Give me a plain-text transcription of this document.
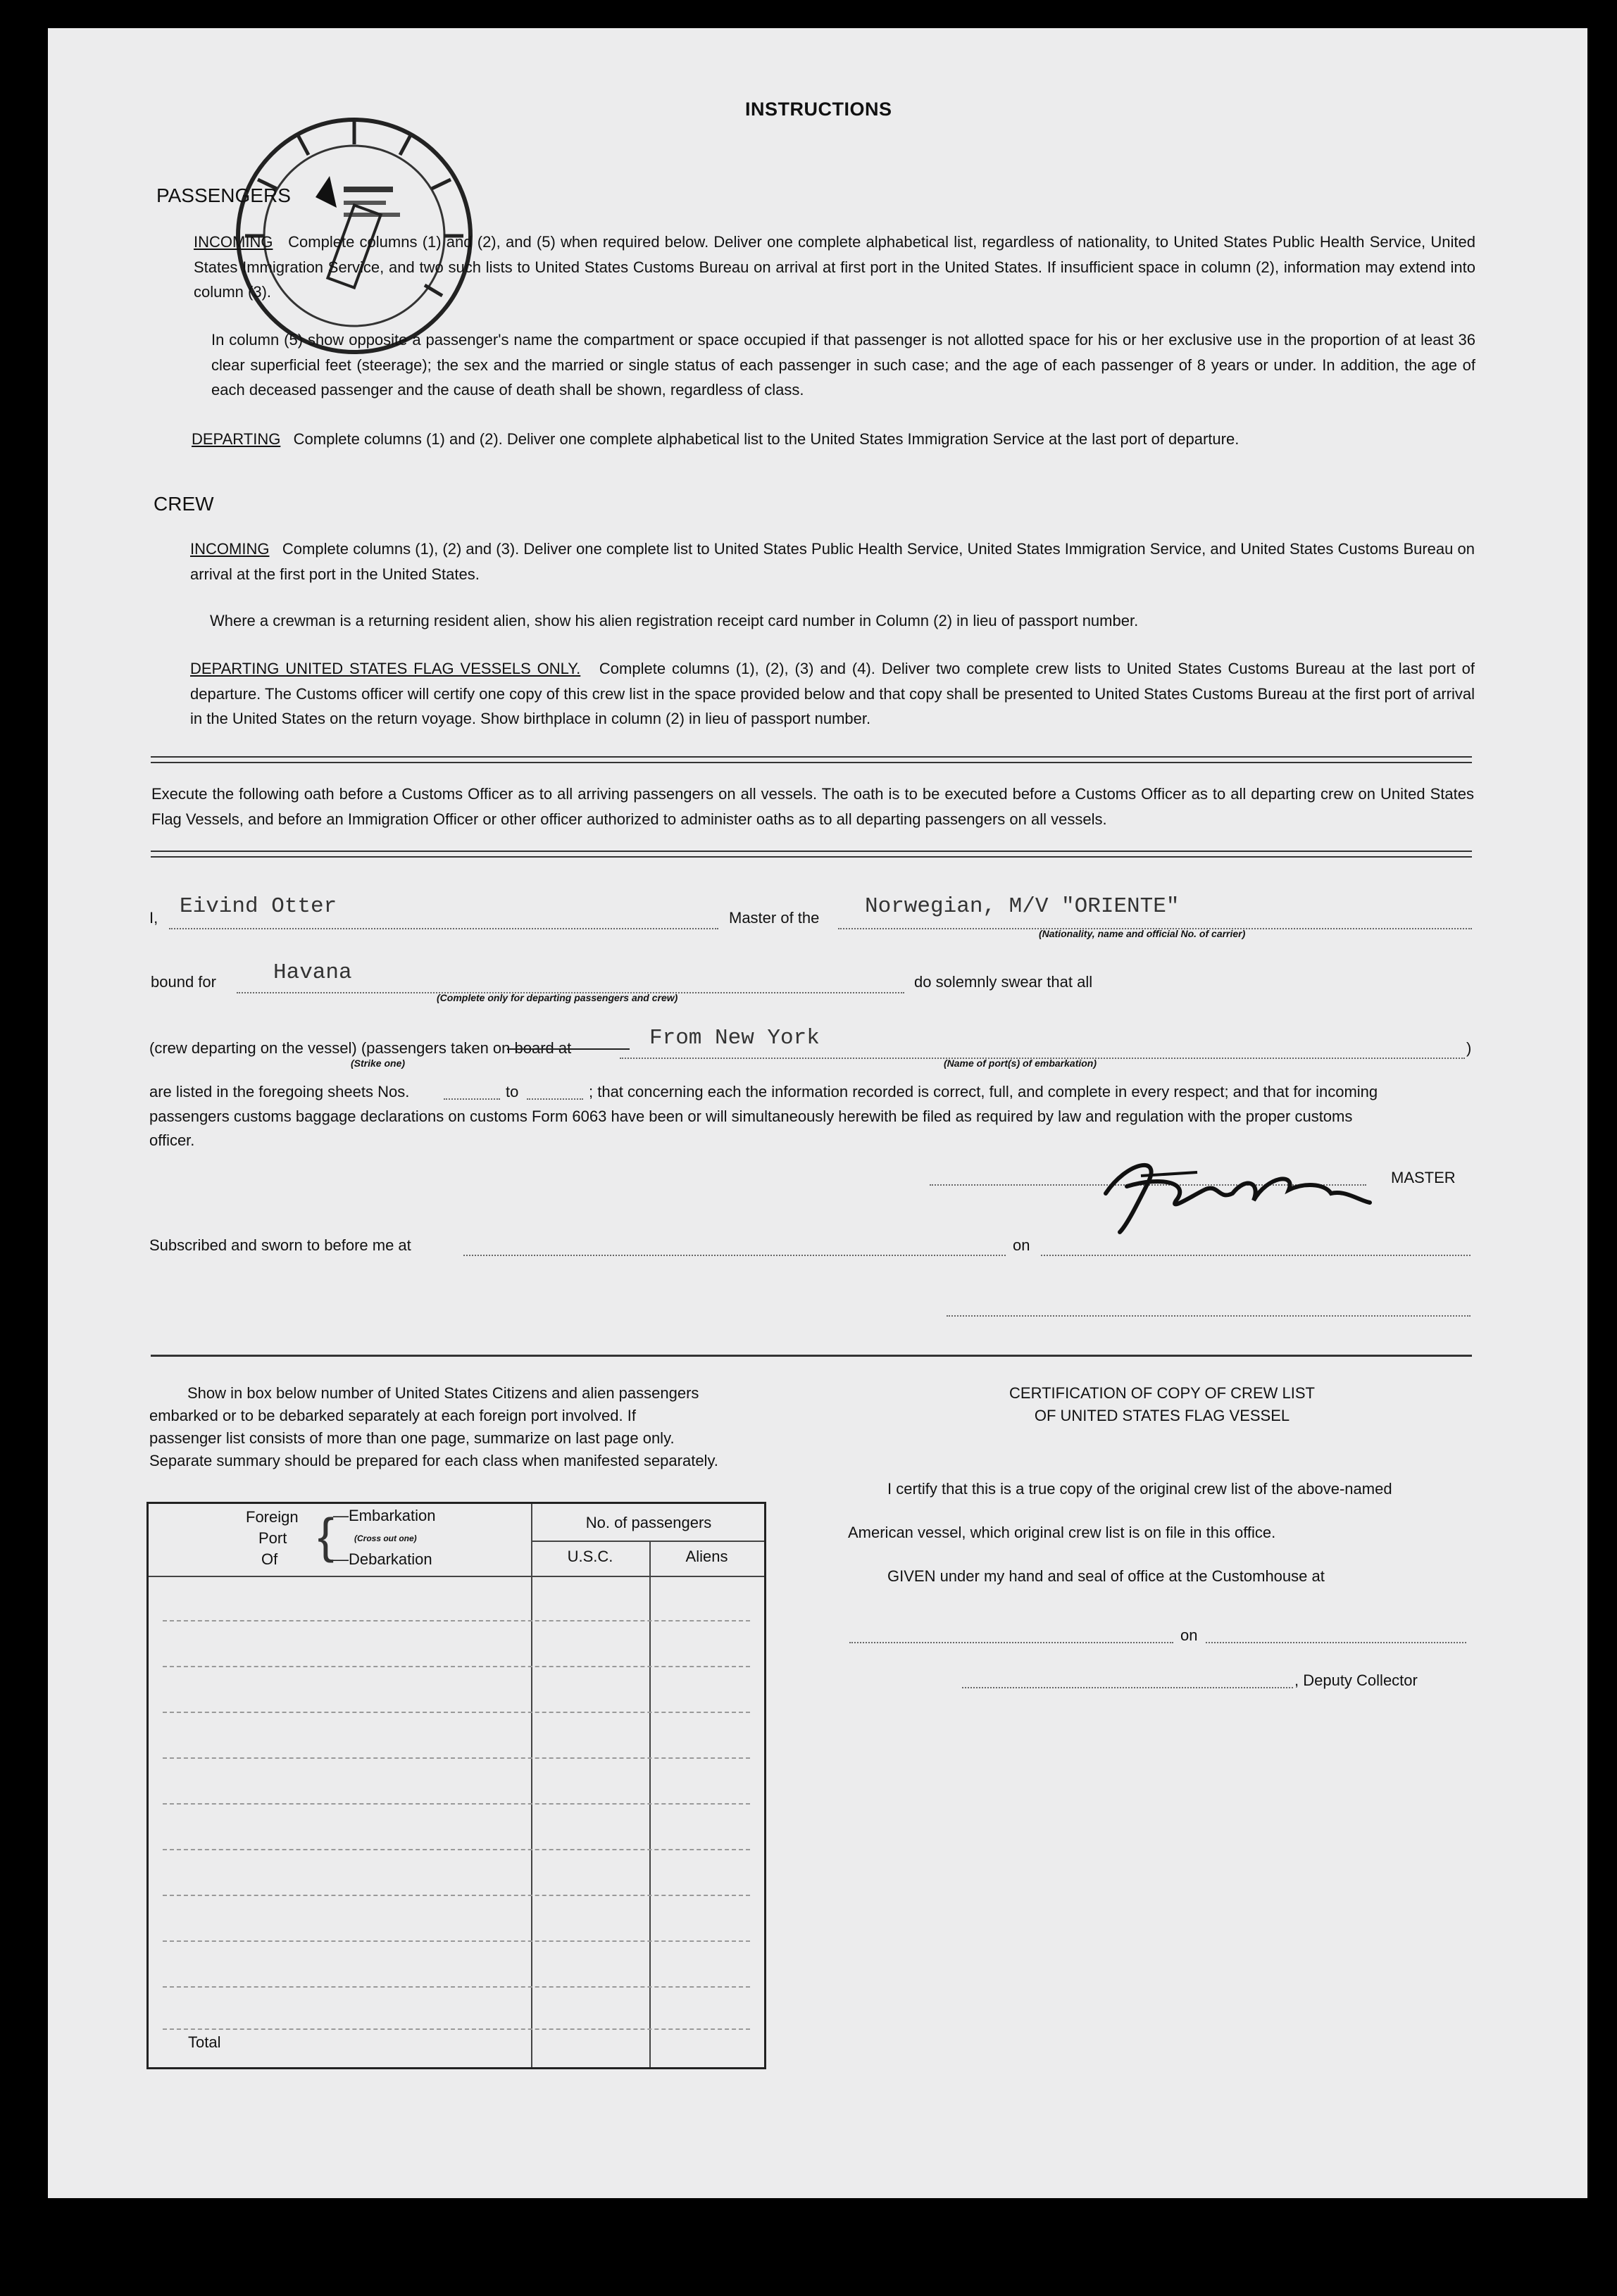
INSTRUCTIONS
PASSENGERS
INCOMING Complete columns (1) and (2), and (5) when required below. Deliver one complete alphabetical list, regardless of nationality, to United States Public Health Service, United States Immigration Service, and two such lists to United States Customs Bureau on arrival at first port in the United States. If insufficient space in column (2), information may extend into column (3).
In column (5) show opposite a passenger's name the compartment or space occupied if that passenger is not allotted space for his or her exclusive use in the proportion of at least 36 clear superficial feet (steerage); the sex and the married or single status of each passenger in such case; and the age of each passenger of 8 years or under. In addition, the age of each deceased passenger and the cause of death shall be shown, regardless of class.
DEPARTING Complete columns (1) and (2). Deliver one complete alphabetical list to the United States Immigration Service at the last port of departure.
CREW
INCOMING Complete columns (1), (2) and (3). Deliver one complete list to United States Public Health Service, United States Immigration Service, and United States Customs Bureau on arrival at the first port in the United States.
Where a crewman is a returning resident alien, show his alien registration receipt card number in Column (2) in lieu of passport number.
DEPARTING UNITED STATES FLAG VESSELS ONLY. Complete columns (1), (2), (3) and (4). Deliver two complete crew lists to United States Customs Bureau at the last port of departure. The Customs officer will certify one copy of this crew list in the space provided below and that copy shall be presented to United States Customs Bureau at the first port of arrival in the United States on the return voyage. Show birthplace in column (2) in lieu of passport number.
Execute the following oath before a Customs Officer as to all arriving passengers on all vessels. The oath is to be executed before a Customs Officer as to all departing crew on United States Flag Vessels, and before an Immigration Officer or other officer authorized to administer oaths as to all departing passengers on all vessels.
I, Eivind Otter	Master of the Norwegian, M/V "ORIENTE"
(Nationality, name and official No. of carrier)
bound for	Havana
(Complete only for departing passengers and crew)
do solemnly swear that all
(crew departing on the vessel) (passengers taken on board at
(Strike one)
From New York
(Name of port(s) of embarkation)
)
are listed in the foregoing sheets Nos.	to	; that concerning each the information recorded is correct, full, and complete in every respect; and that for incoming
passengers customs baggage declarations on customs Form 6063 have been or will simultaneously herewith be filed as required by law and regulation with the proper customs
officer.
MASTER
Subscribed and sworn to before me at	on
Show in box below number of United States Citizens and alien passengers
embarked or to be debarked separately at each foreign port involved. If
passenger list consists of more than one page, summarize on last page only.
Separate summary should be prepared for each class when manifested separately.
Foreign
Port
Of {
—Embarkation
(Cross out one)
—Debarkation
No. of passengers
U.S.C.	Aliens
Total
CERTIFICATION OF COPY OF CREW LIST
OF UNITED STATES FLAG VESSEL
I certify that this is a true copy of the original crew list of the above-named
American vessel, which original crew list is on file in this office.
GIVEN under my hand and seal of office at the Customhouse at
on
, Deputy Collector
